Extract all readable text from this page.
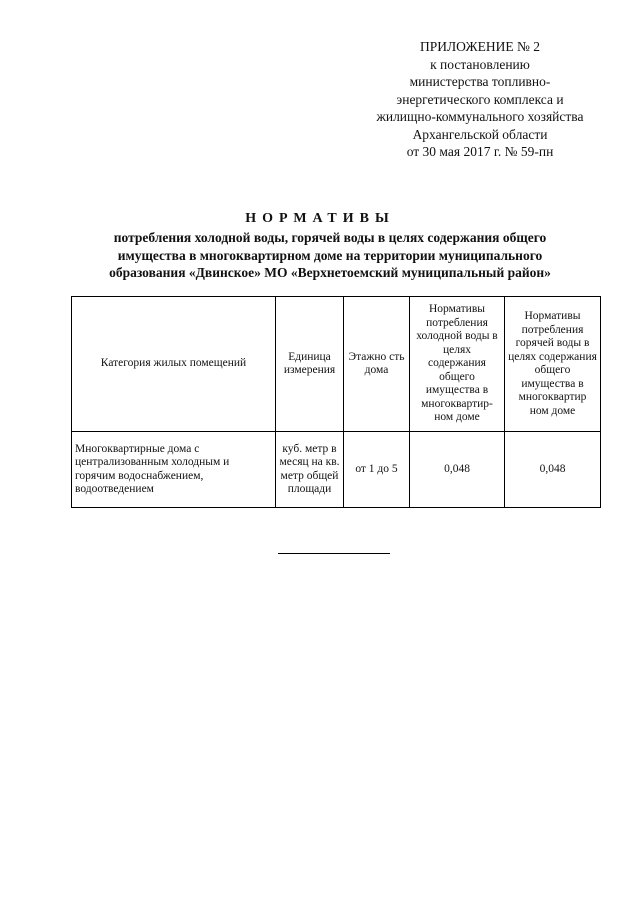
ПРИЛОЖЕНИЕ № 2
к постановлению
министерства топливно-
энергетического комплекса и
жилищно-коммунального хозяйства
Архангельской области
от 30 мая 2017 г. № 59-пн
НОРМАТИВЫ
потребления холодной воды, горячей воды в целях содержания общего
имущества в многоквартирном доме на территории муниципального
образования «Двинское» МО «Верхнетоемский муниципальный район»
Категория жилых помещений	Единица измерения	Этажно сть дома	Нормативы потребления холодной воды в целях содержания общего имущества в многоквартир-ном доме	Нормативы потребления горячей воды в целях содержания общего имущества в многоквартир ном доме
Многоквартирные дома с централизованным холодным и горячим водоснабжением, водоотведением	куб. метр в месяц на кв. метр общей площади	от 1 до 5	0,048	0,048
